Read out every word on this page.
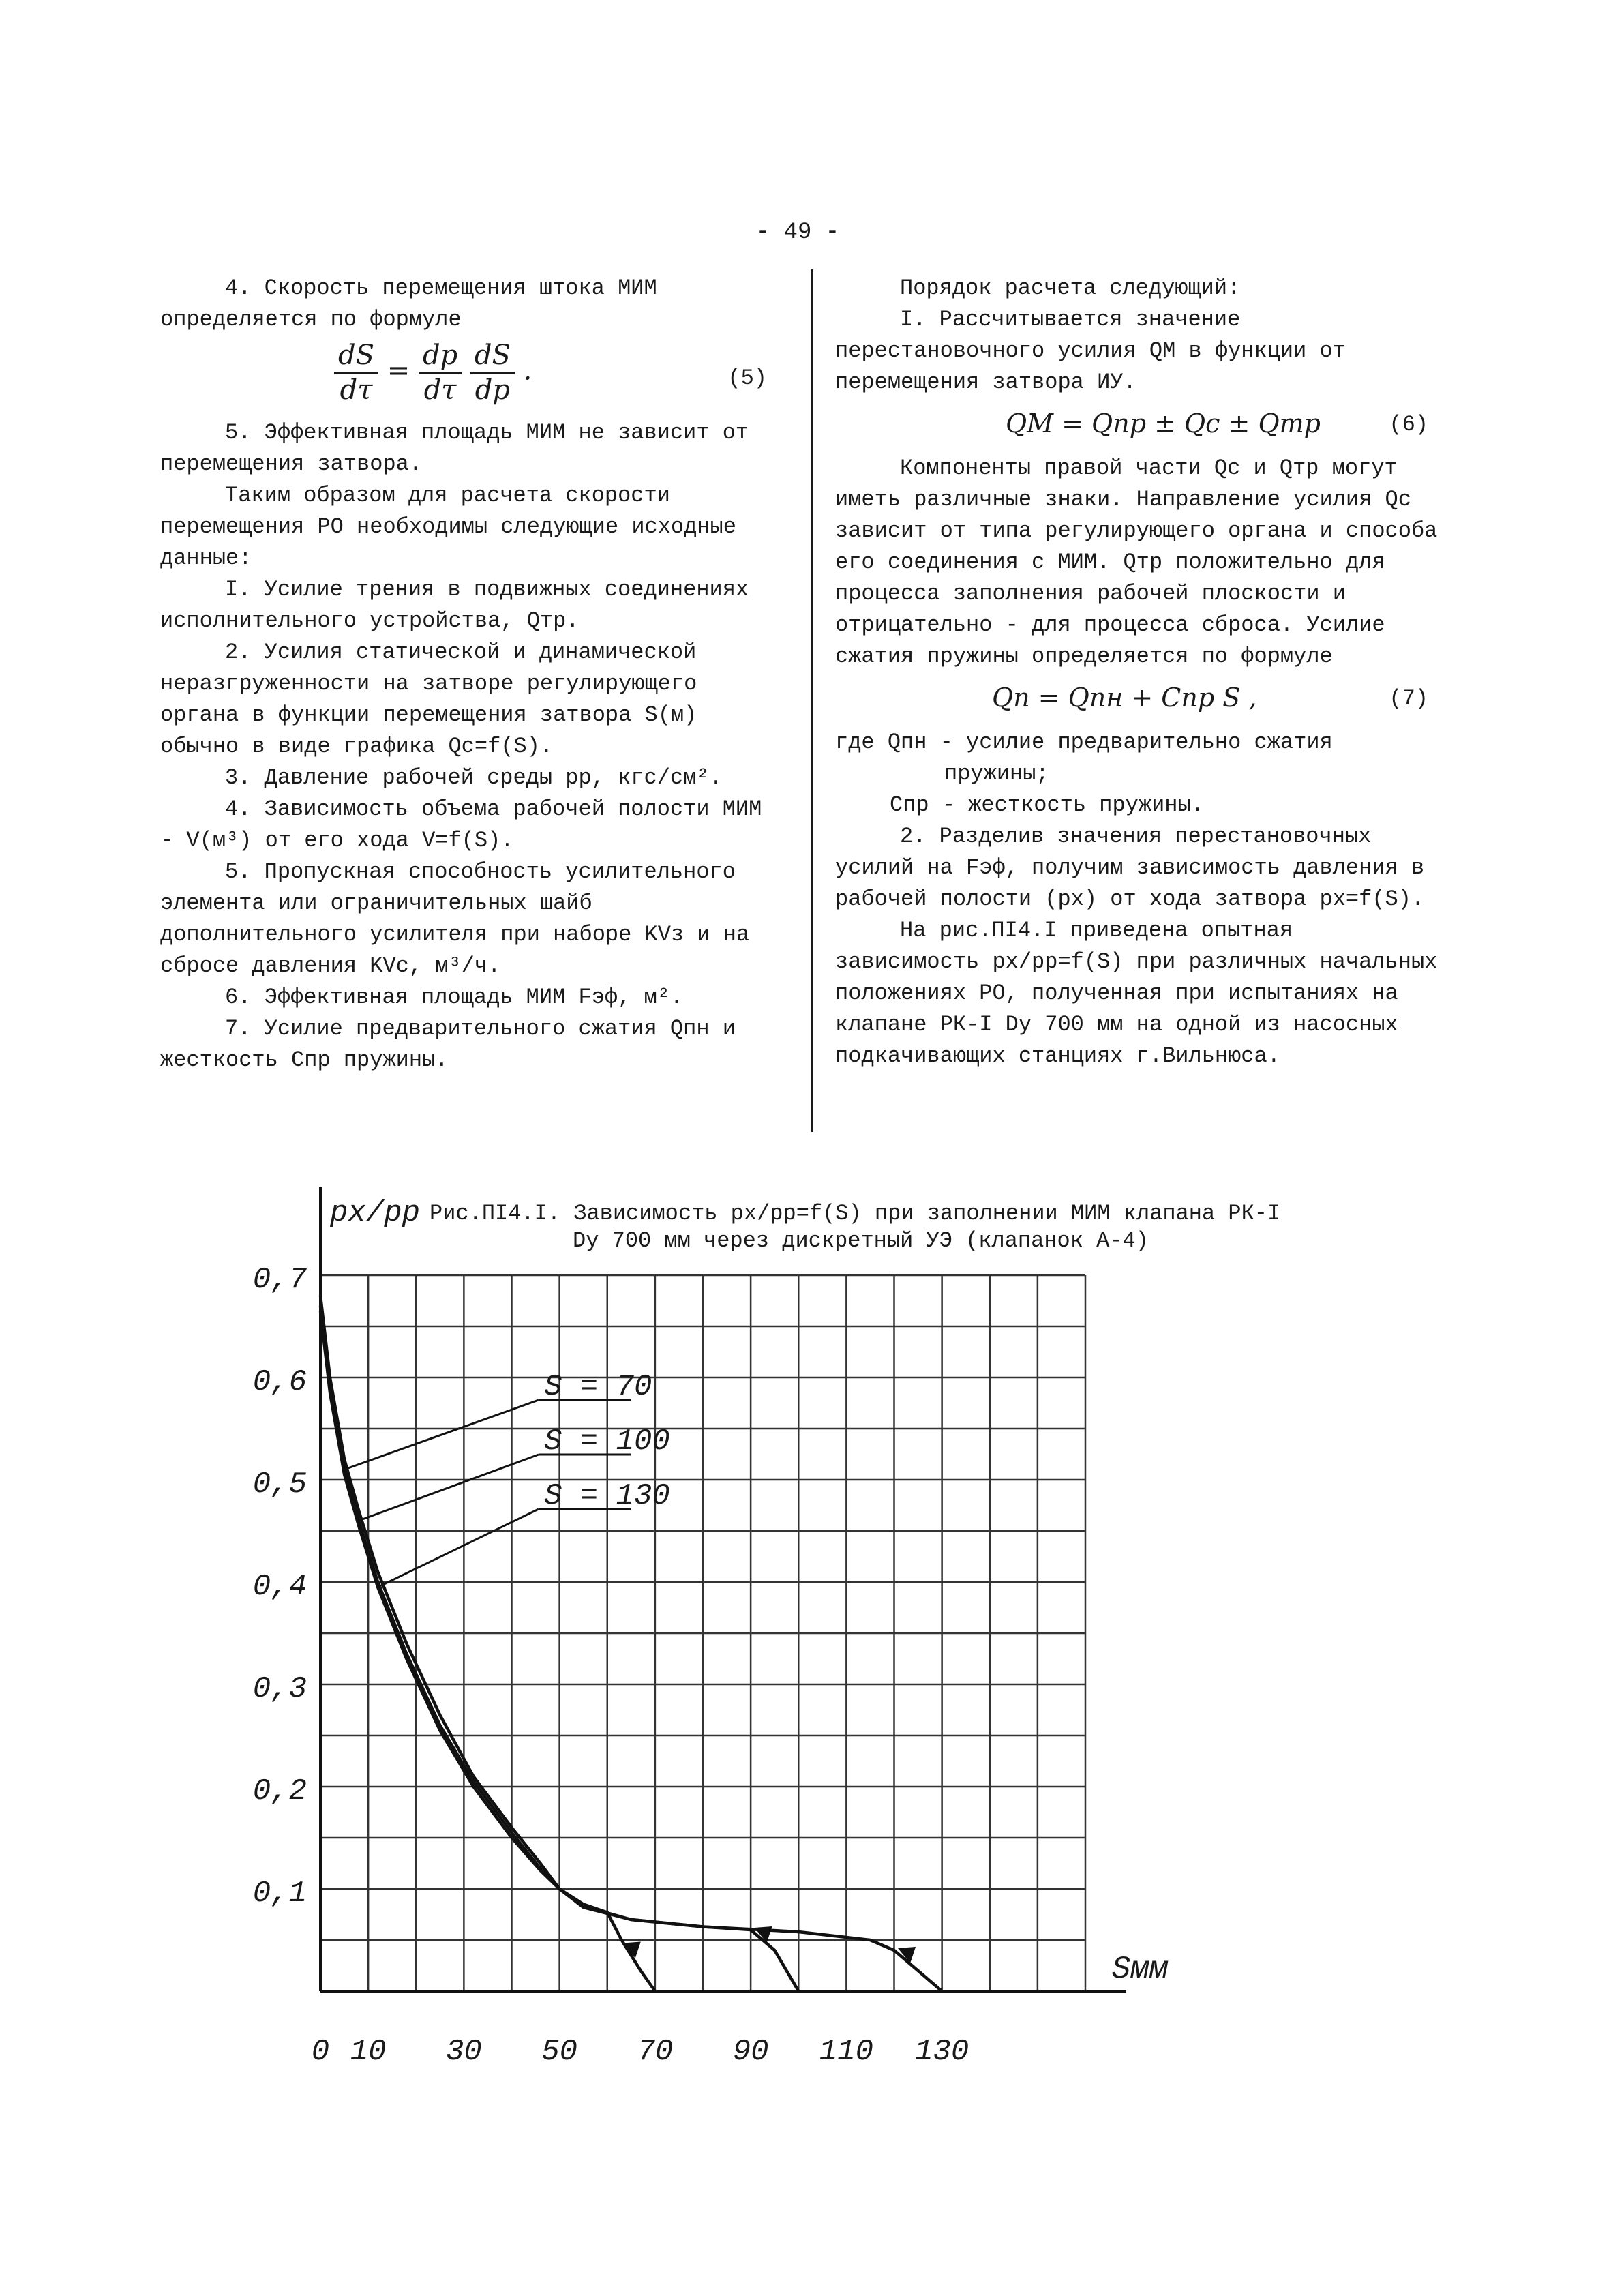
- 49 -

4. Скорость перемещения штока МИМ определяется по формуле

$\frac{dS}{d\tau} = \frac{dp}{d\tau}$
$\frac{dS}{dp}$ .	(5)

5. Эффективная площадь МИМ не зависит от перемещения затвора.

Таким образом для расчета скорости перемещения РО необходимы следующие исходные данные:

I. Усилие трения в подвижных соединениях исполнительного устройства, Qтр.

2. Усилия статической и динамической неразгруженности на затворе регулирующего органа в функции перемещения затвора S(м) обычно в виде графика Qc=f(S).

3. Давление рабочей среды pр, кгс/см².

4. Зависимость объема рабочей полости МИМ - V(м³) от его хода V=f(S).

5. Пропускная способность усилительного элемента или ограничительных шайб дополнительного усилителя при наборе KVз и на сбросе давления KVc, м³/ч.

6. Эффективная площадь МИМ Fэф, м².

7. Усилие предварительного сжатия Qпн и жесткость Cпр пружины.

Порядок расчета следующий:

I. Рассчитывается значение перестановочного усилия QМ в функции от перемещения затвора ИУ.

QМ = Qпр ± Qc ± Qтр	(6)

Компоненты правой части Qc и Qтр могут иметь различные знаки. Направление усилия Qc зависит от типа регулирующего органа и способа его соединения с МИМ. Qтр положительно для процесса заполнения рабочей плоскости и отрицательно - для процесса сброса. Усилие сжатия пружины определяется по формуле

Qп = Qпн + Cпр S ,	(7)

где Qпн - усилие предварительно сжатия пружины;

Cпр - жесткость пружины.

2. Разделив значения перестановочных усилий на Fэф, получим зависимость давления в рабочей полости (pх) от хода затвора pх=f(S).

На рис.ПI4.I приведена опытная зависимость pх/pр=f(S) при различных начальных положениях РО, полученная при испытаниях на клапане РК-I Dу 700 мм на одной из насосных подкачивающих станциях г.Вильнюса.

Рис.ПI4.I. Зависимость px/pp=f(S) при заполнении МИМ клапана РК-I
Dу 700 мм через дискретный УЭ (клапанок А-4)
0 10 30 50 70 90 110 130
0,1
0,2
0,3
0,4
0,5
0,6
0,7
px/pp
Sмм
S = 70
S = 100
S = 130
